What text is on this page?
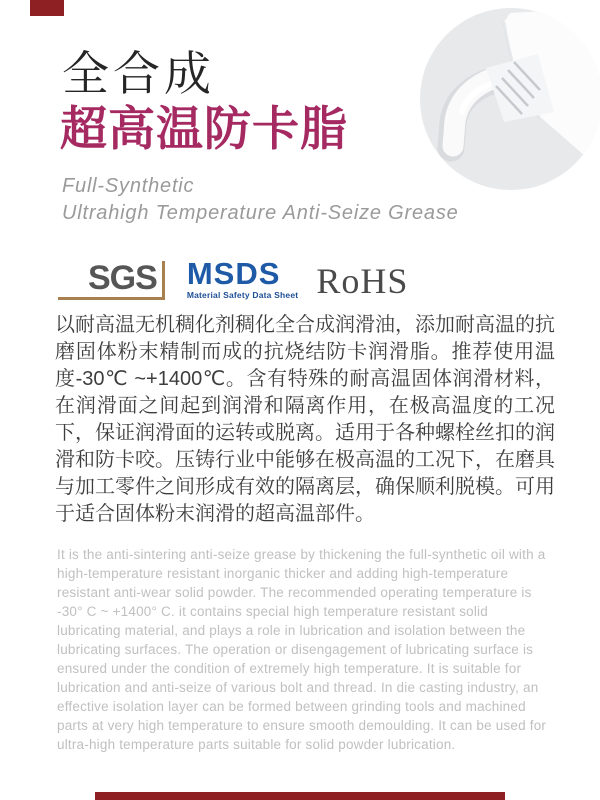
全合成
超高温防卡脂
Full-Synthetic
Ultrahigh Temperature Anti-Seize Grease
SGS MSDS
Material Safety Data Sheet RoHS

以耐高温无机稠化剂稠化全合成润滑油，添加耐高温的抗磨固体粉末精制而成的抗烧结防卡润滑脂。推荐使用温度-30℃ ~+1400℃。含有特殊的耐高温固体润滑材料，在润滑面之间起到润滑和隔离作用，在极高温度的工况下，保证润滑面的运转或脱离。适用于各种螺栓丝扣的润滑和防卡咬。压铸行业中能够在极高温的工况下，在磨具与加工零件之间形成有效的隔离层，确保顺利脱模。可用于适合固体粉末润滑的超高温部件。

It is the anti-sintering anti-seize grease by thickening the full-synthetic oil with a high-temperature resistant inorganic thicker and adding high-temperature resistant anti-wear solid powder. The recommended operating temperature is -30° C ~ +1400° C. it contains special high temperature resistant solid lubricating material, and plays a role in lubrication and isolation between the lubricating surfaces. The operation or disengagement of lubricating surface is ensured under the condition of extremely high temperature. It is suitable for lubrication and anti-seize of various bolt and thread. In die casting industry, an effective isolation layer can be formed between grinding tools and machined parts at very high temperature to ensure smooth demoulding. It can be used for ultra-high temperature parts suitable for solid powder lubrication.
